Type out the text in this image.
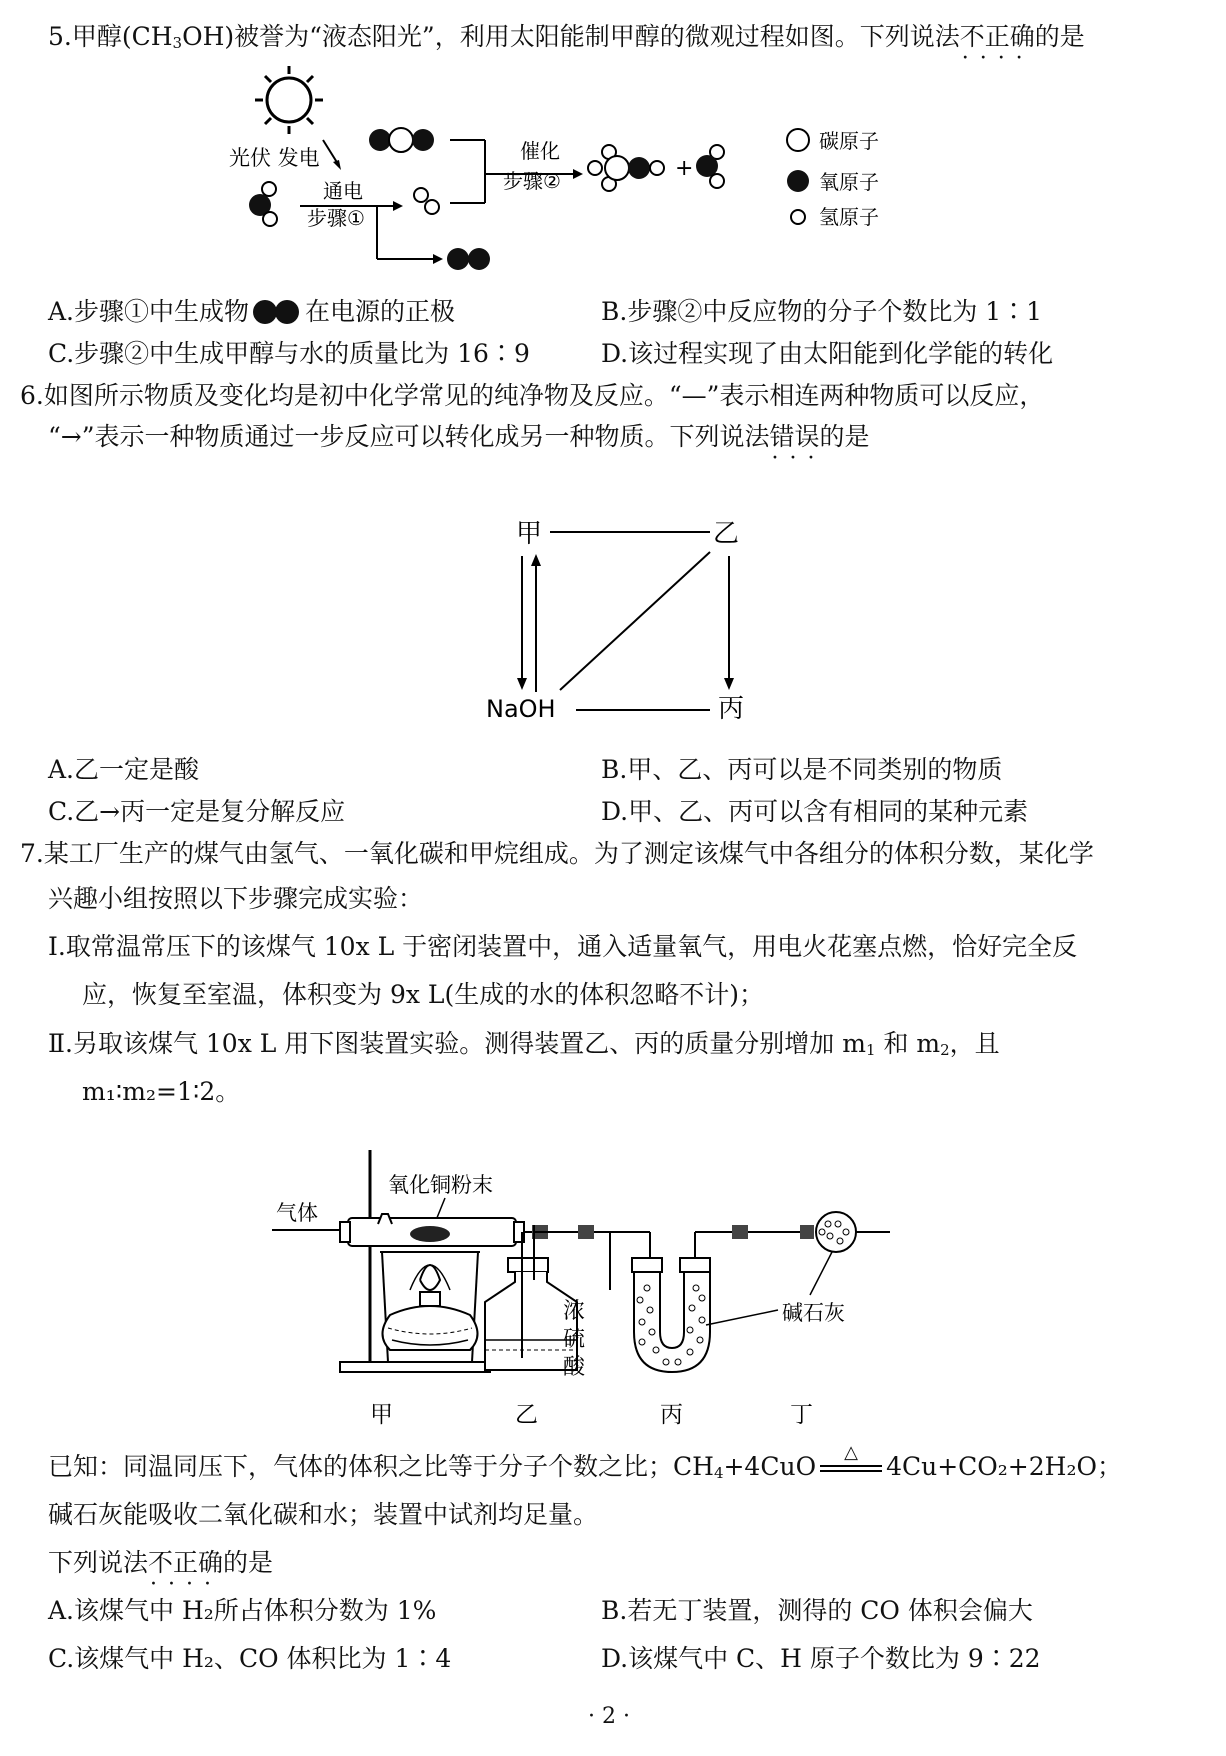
5.甲醇$(CH_3OH)$被誉为“液态阳光”，利用太阳能制甲醇的微观过程如图。下列说法不正确 · ·的是
光伏 发电
通电
步骤①
催化
步骤②	+
碳原子
氧原子
氢原子
A.步骤①中生成物 在电源的正极	B.步骤②中反应物的分子个数比为 1∶1
C.步骤②中生成甲醇与水的质量比为 16∶9	D.该过程实现了由太阳能到化学能的转化
6.如图所示物质及变化均是初中化学常见的纯净物及反应。“—”表示相连两种物质可以反应，
“→”表示一种物质通过一步反应可以转化成另一种物质。下列说法错误 · · ·的是
甲	乙
NaOH	丙
A.乙一定是酸	B.甲、乙、丙可以是不同类别的物质
C.乙→丙一定是复分解反应	D.甲、乙、丙可以含有相同的某种元素
7.某工厂生产的煤气由氢气、一氧化碳和甲烷组成。为了测定该煤气中各组分的体积分数，某化学
兴趣小组按照以下步骤完成实验：
Ⅰ.取常温常压下的该煤气 10x L 于密闭装置中，通入适量氧气，用电火花塞点燃，恰好完全反
应，恢复至室温，体积变为 9x L(生成的水的体积忽略不计)；
Ⅱ.另取该煤气 10x L 用下图装置实验。测得装置乙、丙的质量分别增加 $m_1$ 和 $m_2$，且
m₁∶m₂=1∶2。
气体
氧化铜粉末
浓
硫
酸
碱石灰
甲	乙	丙	丁
已知：同温同压下，气体的体积之比等于分子个数之比；$CH_4+4CuO$	△	4Cu+CO₂+2H₂O；
碱石灰能吸收二氧化碳和水；装置中试剂均足量。
下列说法不正确 · ·的是
A.该煤气中 H₂所占体积分数为 1%	B.若无丁装置，测得的 CO 体积会偏大
C.该煤气中 H₂、CO 体积比为 1∶4	D.该煤气中 C、H 原子个数比为 9∶22
· 2 ·
